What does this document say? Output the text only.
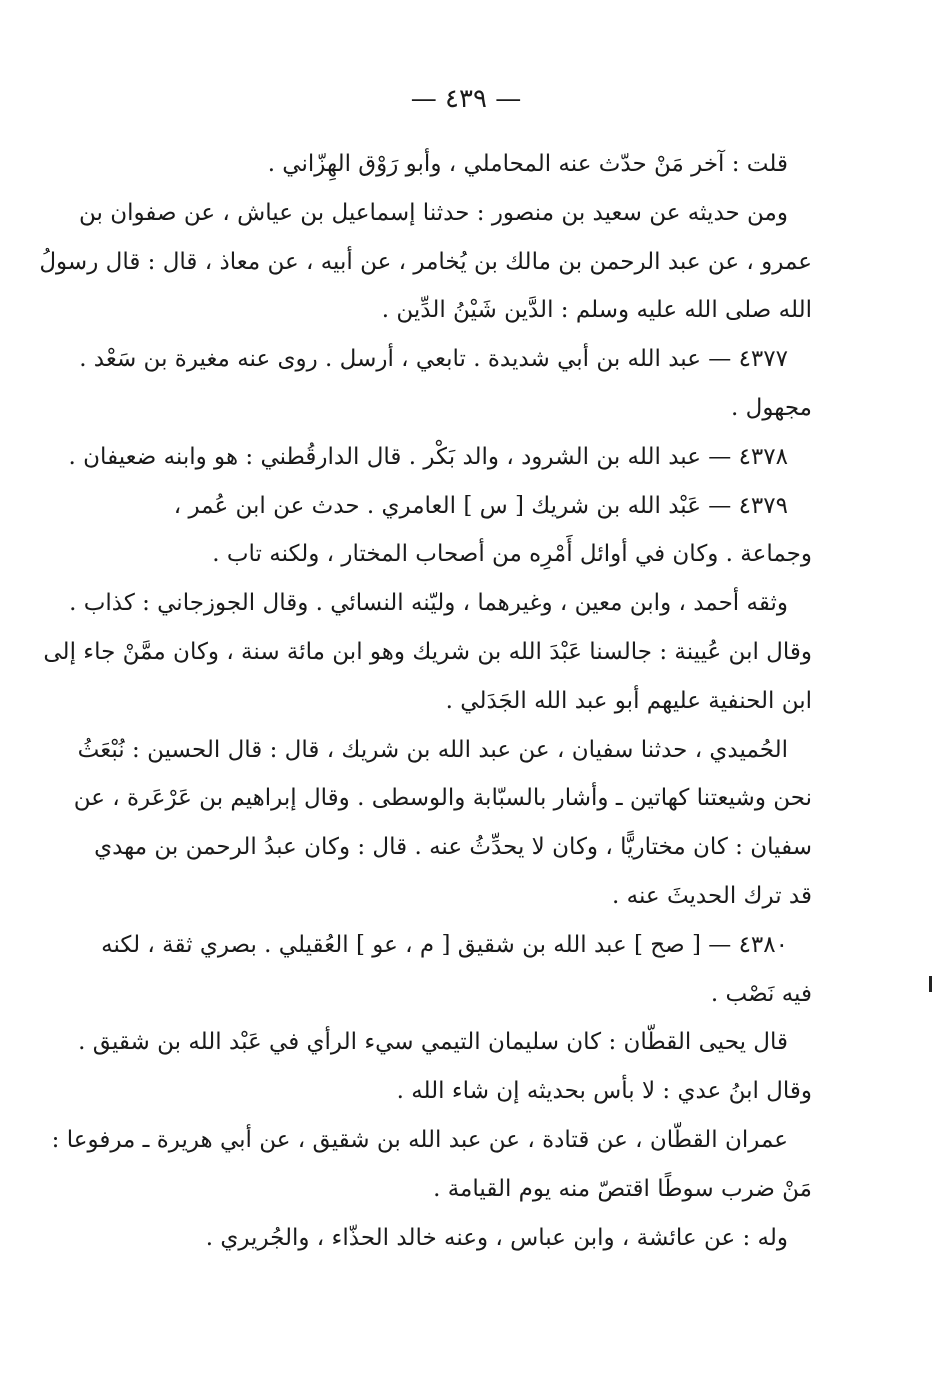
— ٤٣٩ —
قلت : آخر مَنْ حدّث عنه المحاملي ، وأبو رَوْق الهِزّاني .
ومن حديثه عن سعيد بن منصور : حدثنا إسماعيل بن عياش ، عن صفوان بن
عمرو ، عن عبد الرحمن بن مالك بن يُخامر ، عن أبيه ، عن معاذ ، قال : قال رسولُ
الله صلى الله عليه وسلم : الدَّين شَيْنُ الدِّين .
٤٣٧٧ — عبد الله بن أبي شديدة . تابعي ، أرسل . روى عنه مغيرة بن سَعْد .
مجهول .
٤٣٧٨ — عبد الله بن الشرود ، والد بَكْر . قال الدارقُطني : هو وابنه ضعيفان .
٤٣٧٩ — عَبْد الله بن شريك [ س ] العامري . حدث عن ابن عُمر ،
وجماعة . وكان في أوائل أَمْرِه من أصحاب المختار ، ولكنه تاب .
وثقه أحمد ، وابن معين ، وغيرهما ، وليّنه النسائي . وقال الجوزجاني : كذاب .
وقال ابن عُيينة : جالسنا عَبْدَ الله بن شريك وهو ابن مائة سنة ، وكان ممَّنْ جاء إلى
ابن الحنفية عليهم أبو عبد الله الجَدَلي .
الحُميدي ، حدثنا سفيان ، عن عبد الله بن شريك ، قال : قال الحسين : نُبْعَثُ
نحن وشيعتنا كهاتين ـ وأشار بالسبّابة والوسطى . وقال إبراهيم بن عَرْعَرة ، عن
سفيان : كان مختاريًّا ، وكان لا يحدِّثُ عنه . قال : وكان عبدُ الرحمن بن مهدي
قد ترك الحديثَ عنه .
٤٣٨٠ — [ صح ] عبد الله بن شقيق [ م ، عو ] العُقيلي . بصري ثقة ، لكنه
فيه نَصْب .
قال يحيى القطّان : كان سليمان التيمي سيء الرأي في عَبْد الله بن شقيق .
وقال ابنُ عدي : لا بأس بحديثه إن شاء الله .
عمران القطّان ، عن قتادة ، عن عبد الله بن شقيق ، عن أبي هريرة ـ مرفوعا :
مَنْ ضرب سوطًا اقتصّ منه يوم القيامة .
وله : عن عائشة ، وابن عباس ، وعنه خالد الحذّاء ، والجُريري .
